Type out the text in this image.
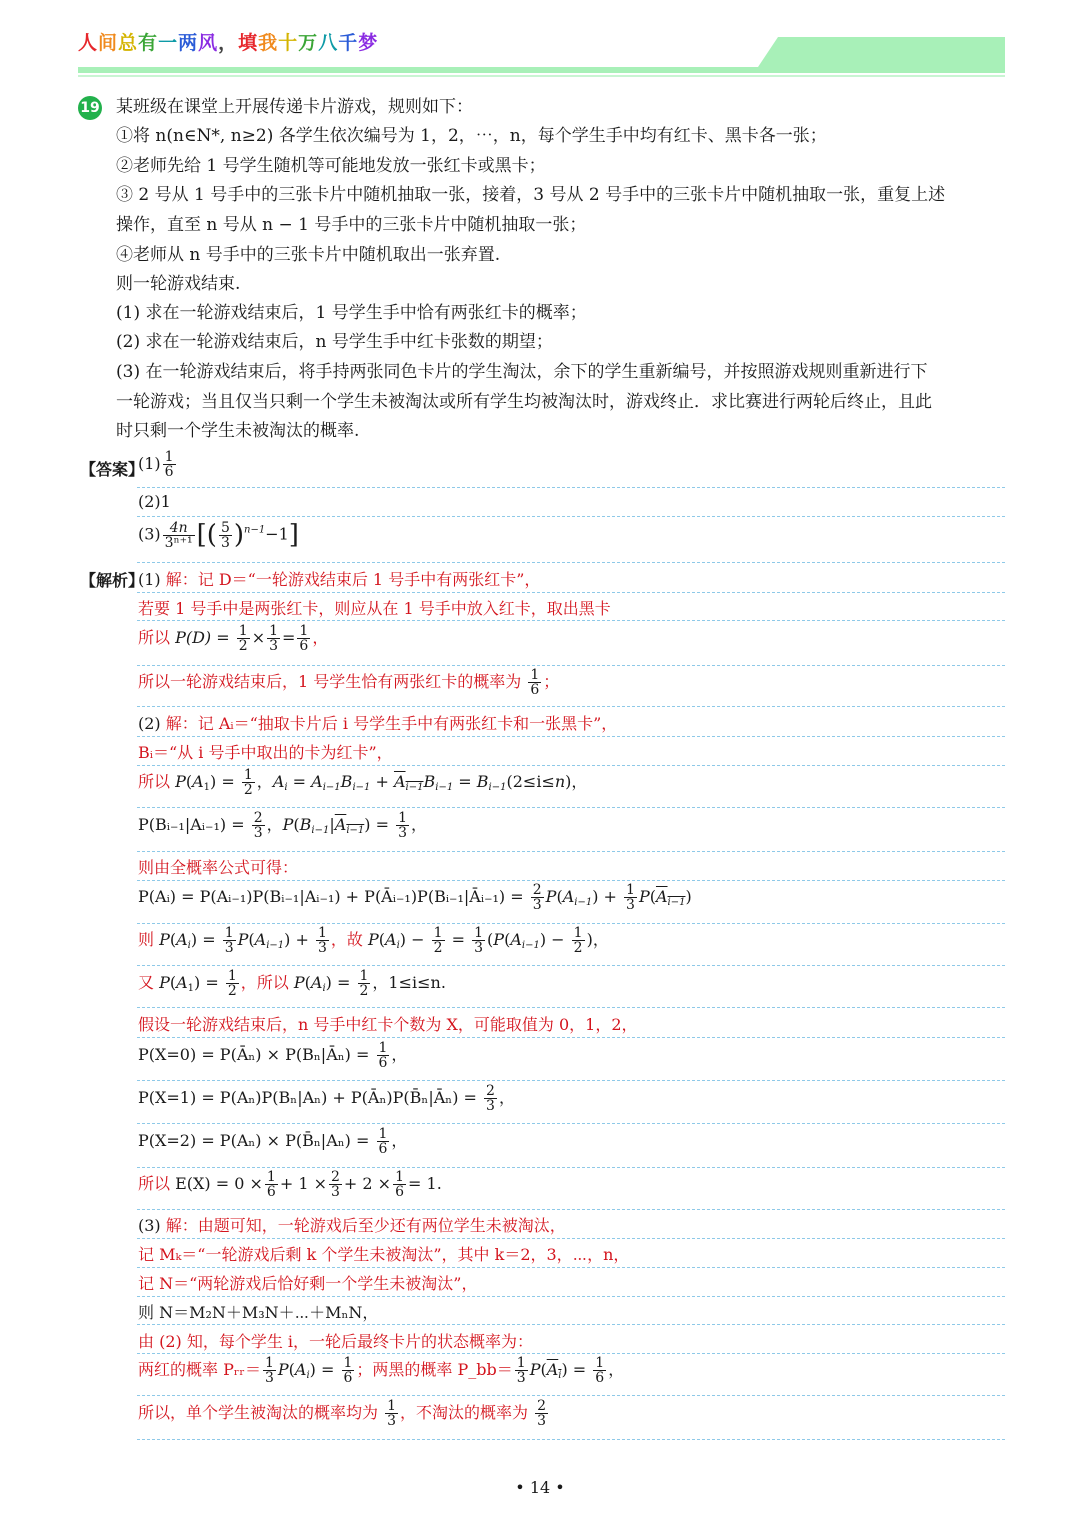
人间总有一两风，填我十万八千梦
19 某班级在课堂上开展传递卡片游戏，规则如下：
①将 n(n∈N*, n≥2) 各学生依次编号为 1，2，⋯，n，每个学生手中均有红卡、黑卡各一张；
②老师先给 1 号学生随机等可能地发放一张红卡或黑卡；
③ 2 号从 1 号手中的三张卡片中随机抽取一张，接着，3 号从 2 号手中的三张卡片中随机抽取一张，重复上述
操作，直至 n 号从 n − 1 号手中的三张卡片中随机抽取一张；
④老师从 n 号手中的三张卡片中随机取出一张弃置.
则一轮游戏结束.
(1) 求在一轮游戏结束后，1 号学生手中恰有两张红卡的概率；
(2) 求在一轮游戏结束后，n 号学生手中红卡张数的期望；
(3) 在一轮游戏结束后，将手持两张同色卡片的学生淘汰，余下的学生重新编号，并按照游戏规则重新进行下
一轮游戏；当且仅当只剩一个学生未被淘汰或所有学生均被淘汰时，游戏终止．求比赛进行两轮后终止，且此
时只剩一个学生未被淘汰的概率.
【答案】
$(1) \frac{1}{6}$
(2)1
$(3) \frac{4n}{\text{3ⁿ⁺¹}}$ [( $\frac{5}{3} )^{n-1}-1$]
【解析】
(1) 解：记 D＝“一轮游戏结束后 1 号手中有两张红卡”，
若要 1 号手中是两张红卡，则应从在 1 号手中放入红卡，取出黑卡
所以 $P(D) = \frac{1}{2} \times \frac{1}{3} = \frac{1}{6}$ ，
所以一轮游戏结束后，1 号学生恰有两张红卡的概率为 $\frac{1}{6}$ ；
(2) 解：记 Aᵢ＝“抽取卡片后 i 号学生手中有两张红卡和一张黑卡”，
Bᵢ＝“从 i 号手中取出的卡为红卡”，
所以 $P(A_1) = \frac{1}{2}$ ，$A_i = A_{i-1}B_{i-1} + A_{i-1}B_{i-1} = B_{i-1}(2\le i\le n)$，
P(Bᵢ₋₁|Aᵢ₋₁) = $\frac{2}{3}$ ，$P(B_{i-1}|A_{i-1}) = \frac{1}{3}$ ，
则由全概率公式可得：
P(Aᵢ) = P(Aᵢ₋₁)P(Bᵢ₋₁|Aᵢ₋₁) + P(Āᵢ₋₁)P(Bᵢ₋₁|Āᵢ₋₁) = $\frac{2}{3} P(A_{i-1}) + \frac{1}{3} P(A_{i-1})$
则 $P(A_i) = \frac{1}{3} P(A_{i-1}) + \frac{1}{3}$ ，故 $P(A_i) - \frac{1}{2} = \frac{1}{3} (P(A_{i-1}) - \frac{1}{2}$ )，
又 $P(A_1) = \frac{1}{2}$ ，所以 $P(A_i) = \frac{1}{2}$ ，1≤i≤n.
假设一轮游戏结束后，n 号手中红卡个数为 X，可能取值为 0，1，2，
P(X=0) = P(Āₙ) × P(Bₙ|Āₙ) = $\frac{1}{6}$ ，
P(X=1) = P(Aₙ)P(Bₙ|Aₙ) + P(Āₙ)P(B̄ₙ|Āₙ) = $\frac{2}{3}$ ，
P(X=2) = P(Aₙ) × P(B̄ₙ|Aₙ) = $\frac{1}{6}$ ，
所以 $E(X) = 0 \times \frac{1}{6} + 1 \times \frac{2}{3} + 2 \times \frac{1}{6} = 1$.
(3) 解：由题可知，一轮游戏后至少还有两位学生未被淘汰，
记 Mₖ＝“一轮游戏后剩 k 个学生未被淘汰”，其中 k＝2，3，⋯，n，
记 N＝“两轮游戏后恰好剩一个学生未被淘汰”，
则 N＝M₂N＋M₃N＋⋯＋MₙN，
由 (2) 知，每个学生 i，一轮后最终卡片的状态概率为：
两红的概率 Pᵣᵣ＝ $\frac{1}{3} P(A_i) = \frac{1}{6}$ ；两黑的概率 P_bb＝ $\frac{1}{3} P(A_i) = \frac{1}{6}$ ，
所以，单个学生被淘汰的概率均为 $\frac{1}{3}$ ，不淘汰的概率为 $\frac{2}{3}$
• 14 •
